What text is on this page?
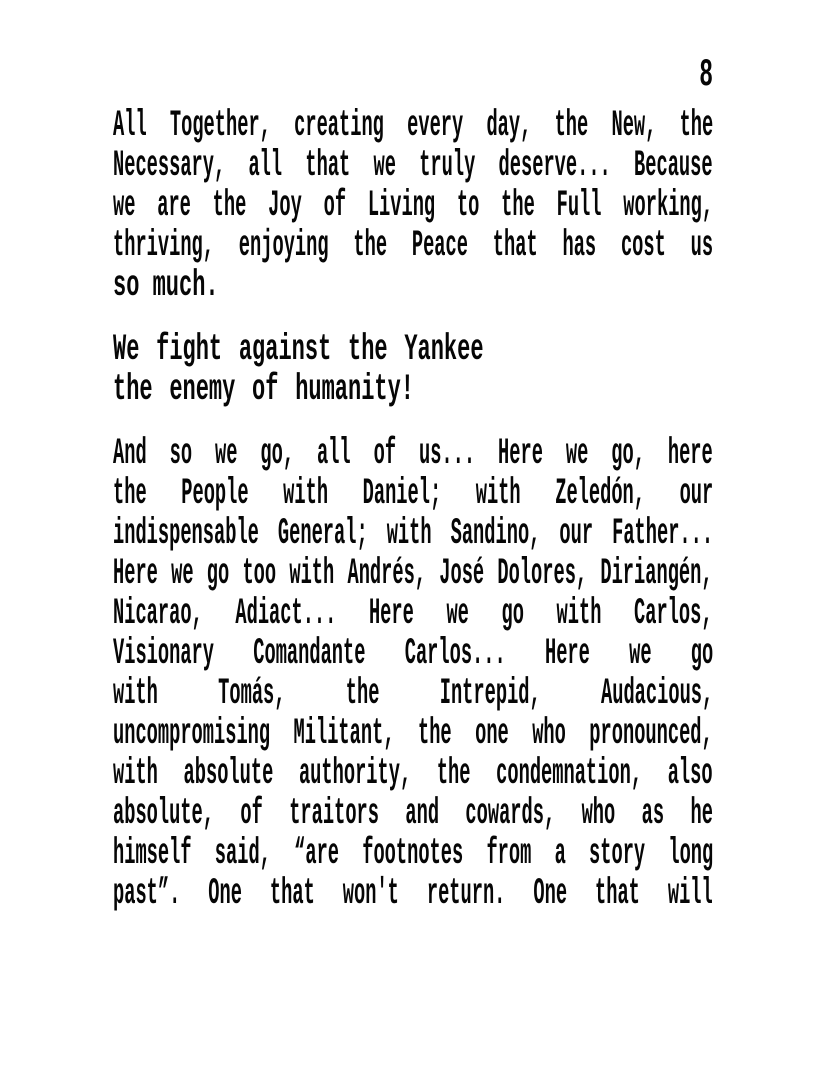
8
All Together, creating every day, the New, the
Necessary, all that we truly deserve... Because
we are the Joy of Living to the Full working,
thriving, enjoying the Peace that has cost us
so much.
We fight against the Yankee
the enemy of humanity!
And so we go, all of us... Here we go, here
the People with Daniel; with Zeledón, our
indispensable General; with Sandino, our Father...
Here we go too with Andrés, José Dolores, Diriangén,
Nicarao, Adiact... Here we go with Carlos,
Visionary Comandante Carlos... Here we go
with Tomás, the Intrepid, Audacious,
uncompromising Militant, the one who pronounced,
with absolute authority, the condemnation, also
absolute, of traitors and cowards, who as he
himself said, “are footnotes from a story long
past”. One that won't return. One that will
